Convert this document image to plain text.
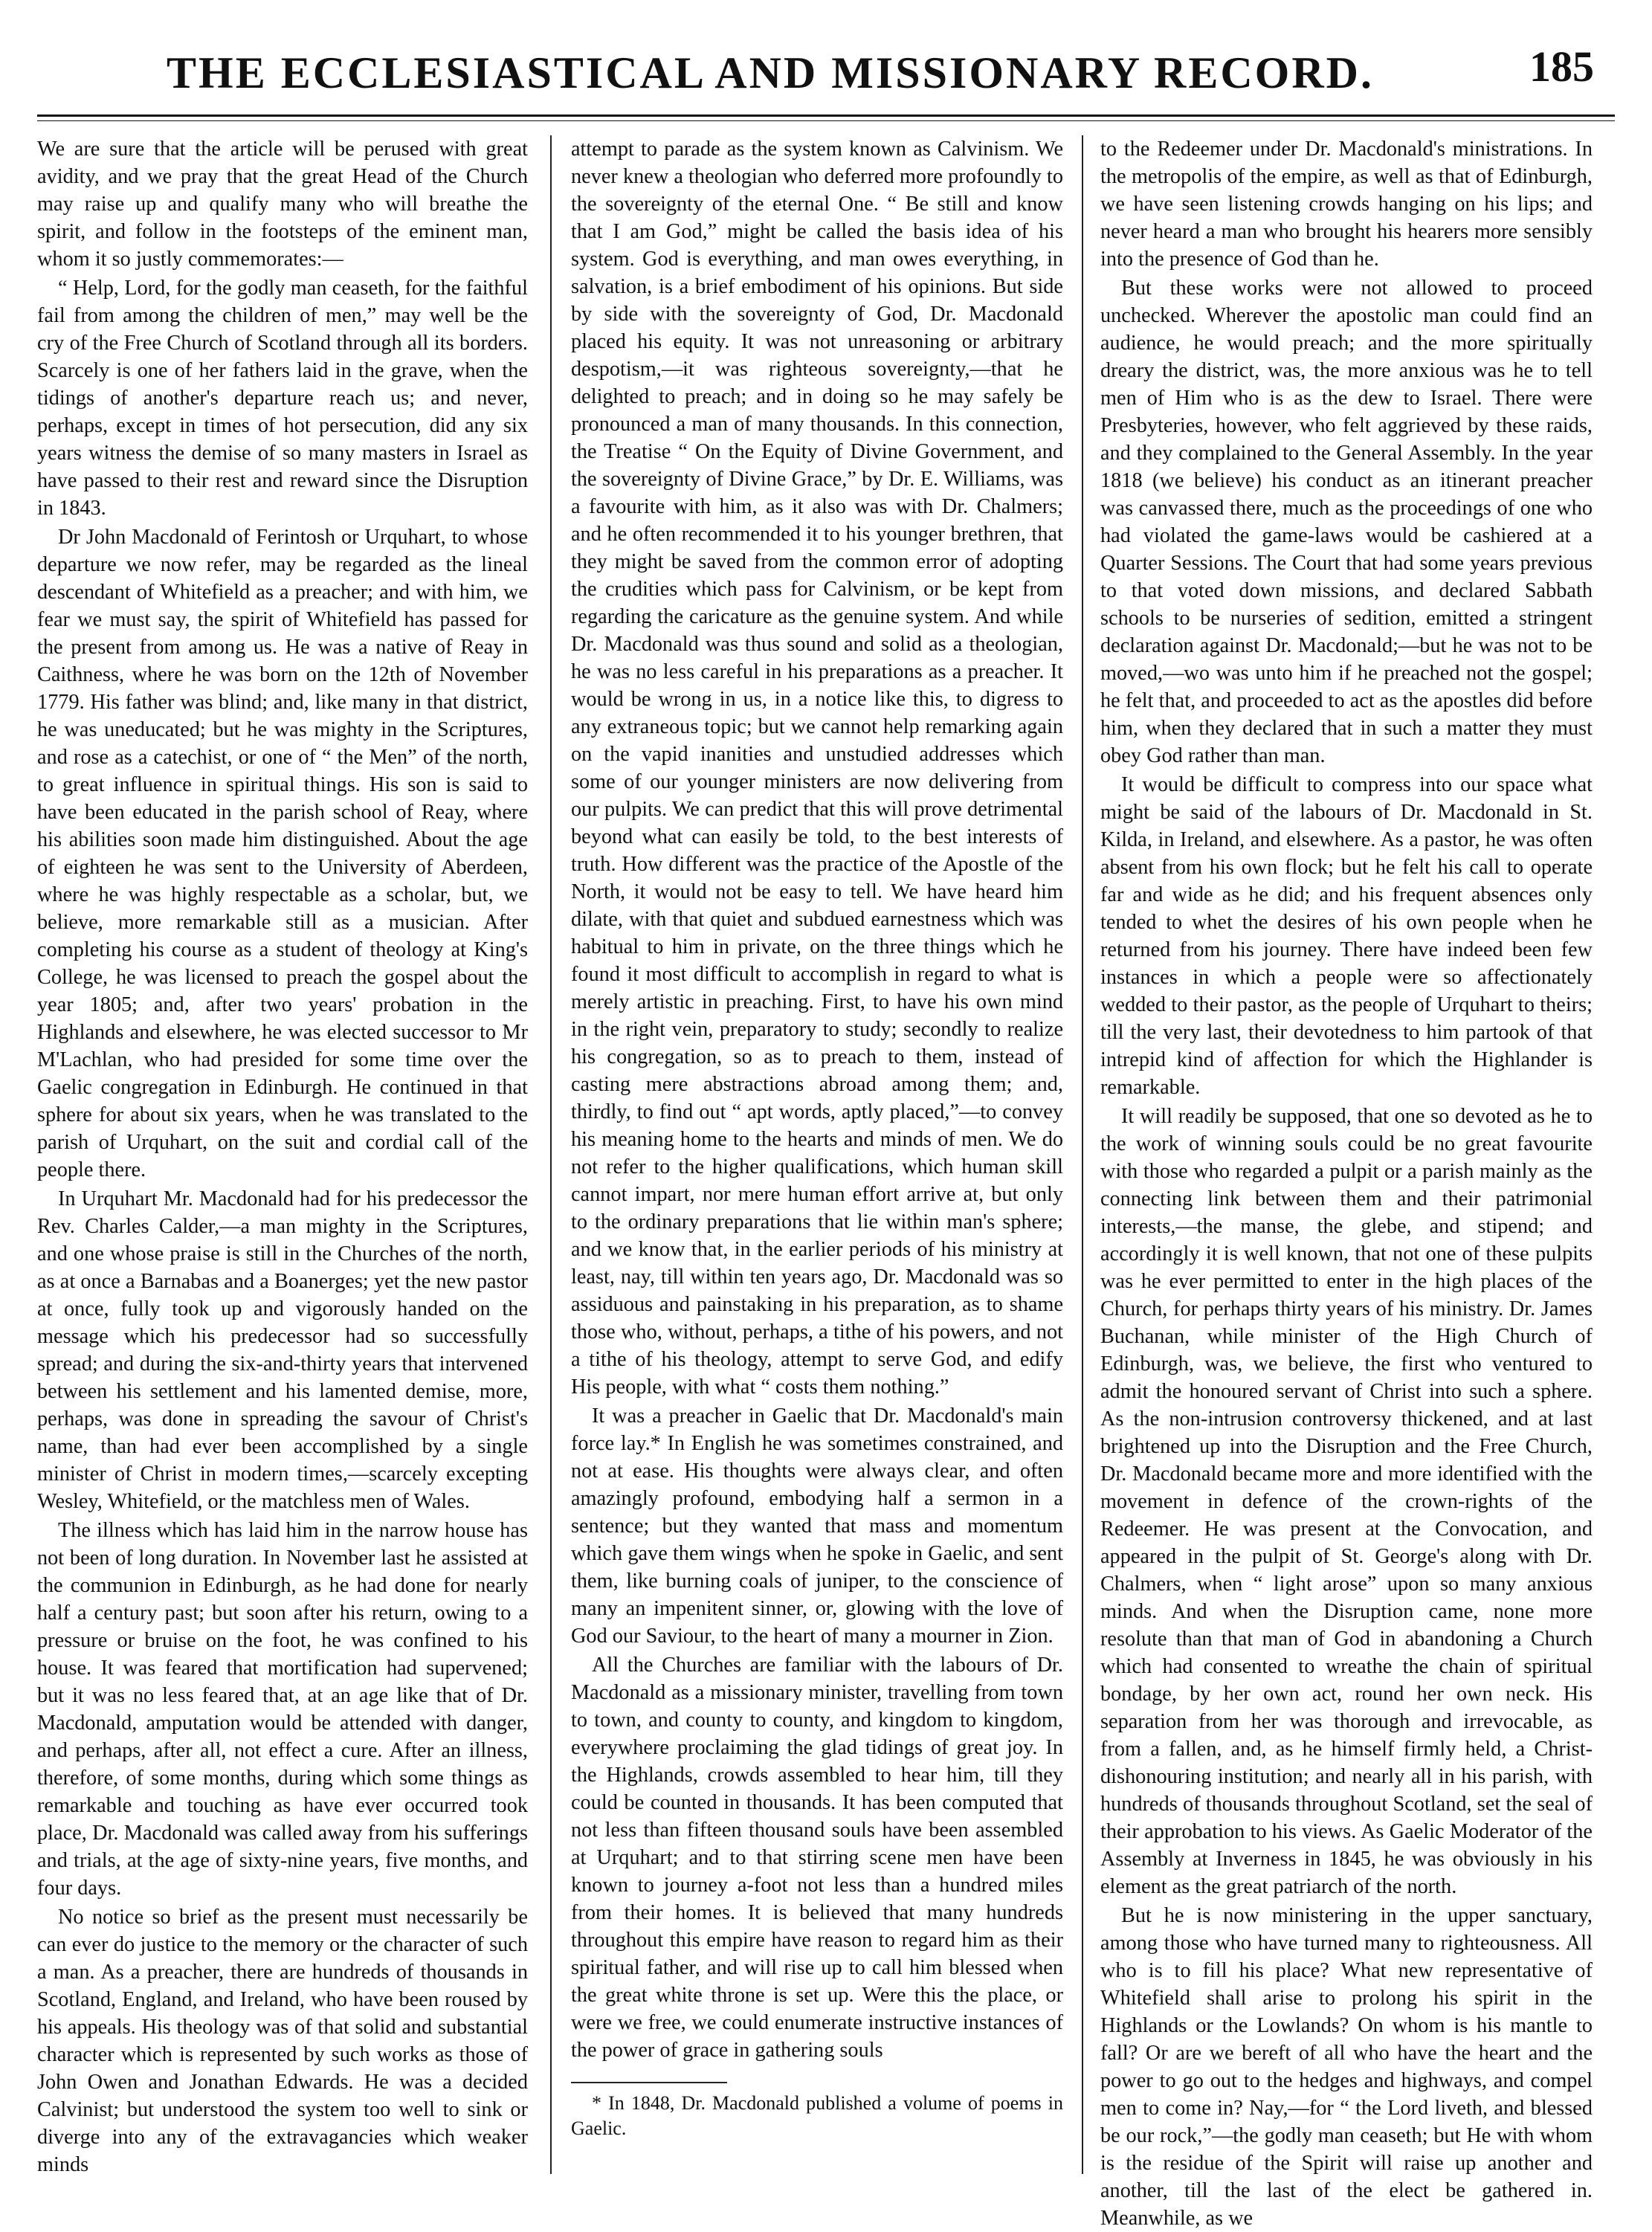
THE ECCLESIASTICAL AND MISSIONARY RECORD.	185

We are sure that the article will be perused with great avidity, and we pray that the great Head of the Church may raise up and qualify many who will breathe the spirit, and follow in the footsteps of the eminent man, whom it so justly commemorates:—

“ Help, Lord, for the godly man ceaseth, for the faithful fail from among the children of men,” may well be the cry of the Free Church of Scotland through all its borders. Scarcely is one of her fathers laid in the grave, when the tidings of another's departure reach us; and never, perhaps, except in times of hot persecution, did any six years witness the demise of so many masters in Israel as have passed to their rest and reward since the Disruption in 1843.

Dr John Macdonald of Ferintosh or Urquhart, to whose departure we now refer, may be regarded as the lineal descendant of Whitefield as a preacher; and with him, we fear we must say, the spirit of Whitefield has passed for the present from among us. He was a native of Reay in Caithness, where he was born on the 12th of November 1779. His father was blind; and, like many in that district, he was uneducated; but he was mighty in the Scriptures, and rose as a catechist, or one of “ the Men” of the north, to great influence in spiritual things. His son is said to have been educated in the parish school of Reay, where his abilities soon made him distinguished. About the age of eighteen he was sent to the University of Aberdeen, where he was highly respectable as a scholar, but, we believe, more remarkable still as a musician. After completing his course as a student of theology at King's College, he was licensed to preach the gospel about the year 1805; and, after two years' probation in the Highlands and elsewhere, he was elected successor to Mr M'Lachlan, who had presided for some time over the Gaelic congregation in Edinburgh. He continued in that sphere for about six years, when he was translated to the parish of Urquhart, on the suit and cordial call of the people there.

In Urquhart Mr. Macdonald had for his predecessor the Rev. Charles Calder,—a man mighty in the Scriptures, and one whose praise is still in the Churches of the north, as at once a Barnabas and a Boanerges; yet the new pastor at once, fully took up and vigorously handed on the message which his predecessor had so successfully spread; and during the six-and-thirty years that intervened between his settlement and his lamented demise, more, perhaps, was done in spreading the savour of Christ's name, than had ever been accomplished by a single minister of Christ in modern times,—scarcely excepting Wesley, Whitefield, or the matchless men of Wales.

The illness which has laid him in the narrow house has not been of long duration. In November last he assisted at the communion in Edinburgh, as he had done for nearly half a century past; but soon after his return, owing to a pressure or bruise on the foot, he was confined to his house. It was feared that mortification had supervened; but it was no less feared that, at an age like that of Dr. Macdonald, amputation would be attended with danger, and perhaps, after all, not effect a cure. After an illness, therefore, of some months, during which some things as remarkable and touching as have ever occurred took place, Dr. Macdonald was called away from his sufferings and trials, at the age of sixty-nine years, five months, and four days.

No notice so brief as the present must necessarily be can ever do justice to the memory or the character of such a man. As a preacher, there are hundreds of thousands in Scotland, England, and Ireland, who have been roused by his appeals. His theology was of that solid and substantial character which is represented by such works as those of John Owen and Jonathan Edwards. He was a decided Calvinist; but understood the system too well to sink or diverge into any of the extravagancies which weaker minds

attempt to parade as the system known as Calvinism. We never knew a theologian who deferred more profoundly to the sovereignty of the eternal One. “ Be still and know that I am God,” might be called the basis idea of his system. God is everything, and man owes everything, in salvation, is a brief embodiment of his opinions. But side by side with the sovereignty of God, Dr. Macdonald placed his equity. It was not unreasoning or arbitrary despotism,—it was righteous sovereignty,—that he delighted to preach; and in doing so he may safely be pronounced a man of many thousands. In this connection, the Treatise “ On the Equity of Divine Government, and the sovereignty of Divine Grace,” by Dr. E. Williams, was a favourite with him, as it also was with Dr. Chalmers; and he often recommended it to his younger brethren, that they might be saved from the common error of adopting the crudities which pass for Calvinism, or be kept from regarding the caricature as the genuine system. And while Dr. Macdonald was thus sound and solid as a theologian, he was no less careful in his preparations as a preacher. It would be wrong in us, in a notice like this, to digress to any extraneous topic; but we cannot help remarking again on the vapid inanities and unstudied addresses which some of our younger ministers are now delivering from our pulpits. We can predict that this will prove detrimental beyond what can easily be told, to the best interests of truth. How different was the practice of the Apostle of the North, it would not be easy to tell. We have heard him dilate, with that quiet and subdued earnestness which was habitual to him in private, on the three things which he found it most difficult to accomplish in regard to what is merely artistic in preaching. First, to have his own mind in the right vein, preparatory to study; secondly to realize his congregation, so as to preach to them, instead of casting mere abstractions abroad among them; and, thirdly, to find out “ apt words, aptly placed,”—to convey his meaning home to the hearts and minds of men. We do not refer to the higher qualifications, which human skill cannot impart, nor mere human effort arrive at, but only to the ordinary preparations that lie within man's sphere; and we know that, in the earlier periods of his ministry at least, nay, till within ten years ago, Dr. Macdonald was so assiduous and painstaking in his preparation, as to shame those who, without, perhaps, a tithe of his powers, and not a tithe of his theology, attempt to serve God, and edify His people, with what “ costs them nothing.”

It was a preacher in Gaelic that Dr. Macdonald's main force lay.* In English he was sometimes constrained, and not at ease. His thoughts were always clear, and often amazingly profound, embodying half a sermon in a sentence; but they wanted that mass and momentum which gave them wings when he spoke in Gaelic, and sent them, like burning coals of juniper, to the conscience of many an impenitent sinner, or, glowing with the love of God our Saviour, to the heart of many a mourner in Zion.

All the Churches are familiar with the labours of Dr. Macdonald as a missionary minister, travelling from town to town, and county to county, and kingdom to kingdom, everywhere proclaiming the glad tidings of great joy. In the Highlands, crowds assembled to hear him, till they could be counted in thousands. It has been computed that not less than fifteen thousand souls have been assembled at Urquhart; and to that stirring scene men have been known to journey a-foot not less than a hundred miles from their homes. It is believed that many hundreds throughout this empire have reason to regard him as their spiritual father, and will rise up to call him blessed when the great white throne is set up. Were this the place, or were we free, we could enumerate instructive instances of the power of grace in gathering souls

* In 1848, Dr. Macdonald published a volume of poems in Gaelic.

to the Redeemer under Dr. Macdonald's ministrations. In the metropolis of the empire, as well as that of Edinburgh, we have seen listening crowds hanging on his lips; and never heard a man who brought his hearers more sensibly into the presence of God than he.

But these works were not allowed to proceed unchecked. Wherever the apostolic man could find an audience, he would preach; and the more spiritually dreary the district, was, the more anxious was he to tell men of Him who is as the dew to Israel. There were Presbyteries, however, who felt aggrieved by these raids, and they complained to the General Assembly. In the year 1818 (we believe) his conduct as an itinerant preacher was canvassed there, much as the proceedings of one who had violated the game-laws would be cashiered at a Quarter Sessions. The Court that had some years previous to that voted down missions, and declared Sabbath schools to be nurseries of sedition, emitted a stringent declaration against Dr. Macdonald;—but he was not to be moved,—wo was unto him if he preached not the gospel; he felt that, and proceeded to act as the apostles did before him, when they declared that in such a matter they must obey God rather than man.

It would be difficult to compress into our space what might be said of the labours of Dr. Macdonald in St. Kilda, in Ireland, and elsewhere. As a pastor, he was often absent from his own flock; but he felt his call to operate far and wide as he did; and his frequent absences only tended to whet the desires of his own people when he returned from his journey. There have indeed been few instances in which a people were so affectionately wedded to their pastor, as the people of Urquhart to theirs; till the very last, their devotedness to him partook of that intrepid kind of affection for which the Highlander is remarkable.

It will readily be supposed, that one so devoted as he to the work of winning souls could be no great favourite with those who regarded a pulpit or a parish mainly as the connecting link between them and their patrimonial interests,—the manse, the glebe, and stipend; and accordingly it is well known, that not one of these pulpits was he ever permitted to enter in the high places of the Church, for perhaps thirty years of his ministry. Dr. James Buchanan, while minister of the High Church of Edinburgh, was, we believe, the first who ventured to admit the honoured servant of Christ into such a sphere. As the non-intrusion controversy thickened, and at last brightened up into the Disruption and the Free Church, Dr. Macdonald became more and more identified with the movement in defence of the crown-rights of the Redeemer. He was present at the Convocation, and appeared in the pulpit of St. George's along with Dr. Chalmers, when “ light arose” upon so many anxious minds. And when the Disruption came, none more resolute than that man of God in abandoning a Church which had consented to wreathe the chain of spiritual bondage, by her own act, round her own neck. His separation from her was thorough and irrevocable, as from a fallen, and, as he himself firmly held, a Christ-dishonouring institution; and nearly all in his parish, with hundreds of thousands throughout Scotland, set the seal of their approbation to his views. As Gaelic Moderator of the Assembly at Inverness in 1845, he was obviously in his element as the great patriarch of the north.

But he is now ministering in the upper sanctuary, among those who have turned many to righteousness. All who is to fill his place? What new representative of Whitefield shall arise to prolong his spirit in the Highlands or the Lowlands? On whom is his mantle to fall? Or are we bereft of all who have the heart and the power to go out to the hedges and highways, and compel men to come in? Nay,—for “ the Lord liveth, and blessed be our rock,”—the godly man ceaseth; but He with whom is the residue of the Spirit will raise up another and another, till the last of the elect be gathered in. Meanwhile, as we
